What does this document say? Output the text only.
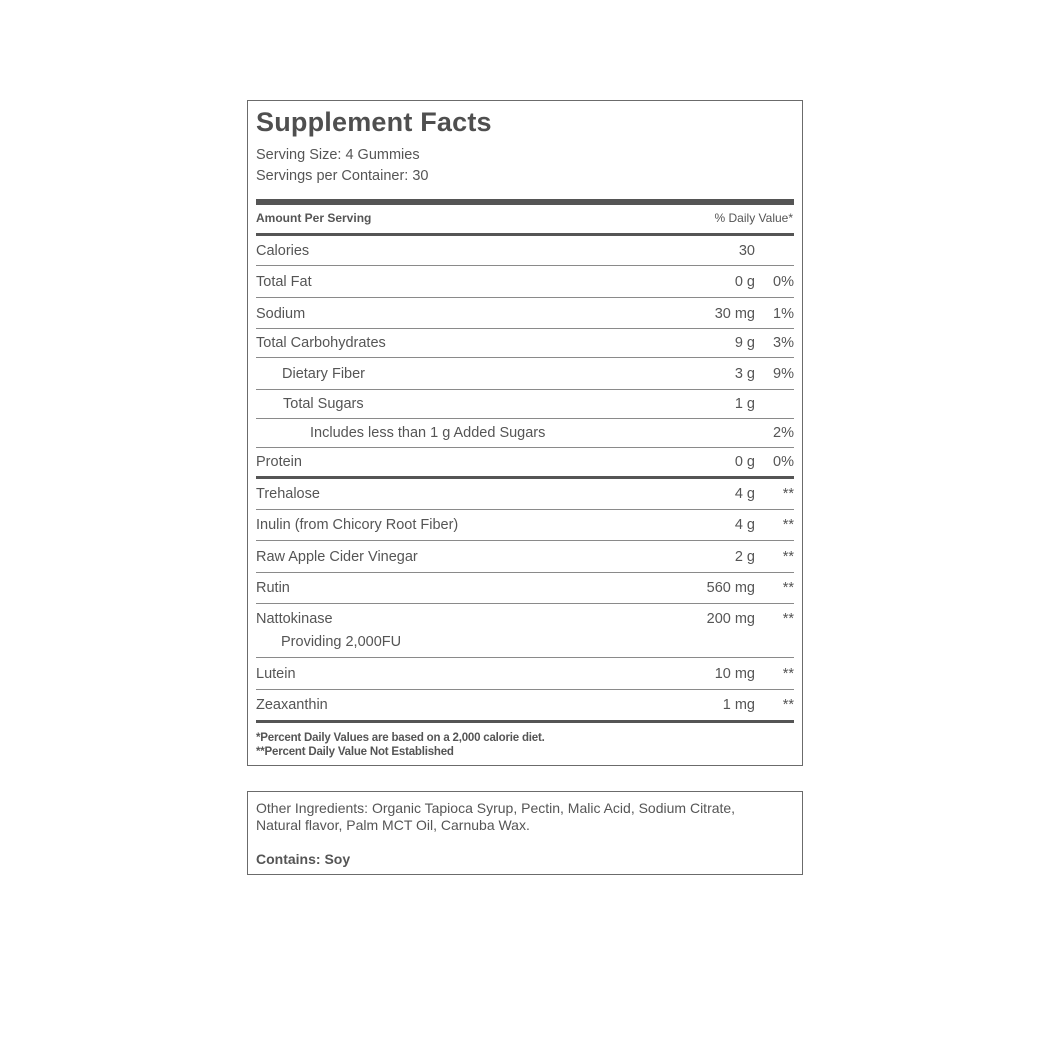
Supplement Facts
Serving Size: 4 Gummies
Servings per Container: 30
Amount Per Serving	% Daily Value*
Calories	30
Total Fat	0 g 0%
Sodium	30 mg 1%
Total Carbohydrates	9 g 3%
Dietary Fiber	3 g 9%
Total Sugars	1 g
Includes less than 1 g Added Sugars	2%
Protein	0 g 0%
Trehalose	4 g **
Inulin (from Chicory Root Fiber)	4 g **
Raw Apple Cider Vinegar	2 g **
Rutin	560 mg **
Nattokinase	200 mg **
Providing 2,000FU
Lutein	10 mg **
Zeaxanthin	1 mg **
*Percent Daily Values are based on a 2,000 calorie diet.
**Percent Daily Value Not Established
Other Ingredients: Organic Tapioca Syrup, Pectin, Malic Acid, Sodium Citrate, Natural flavor, Palm MCT Oil, Carnuba Wax.
Contains: Soy
